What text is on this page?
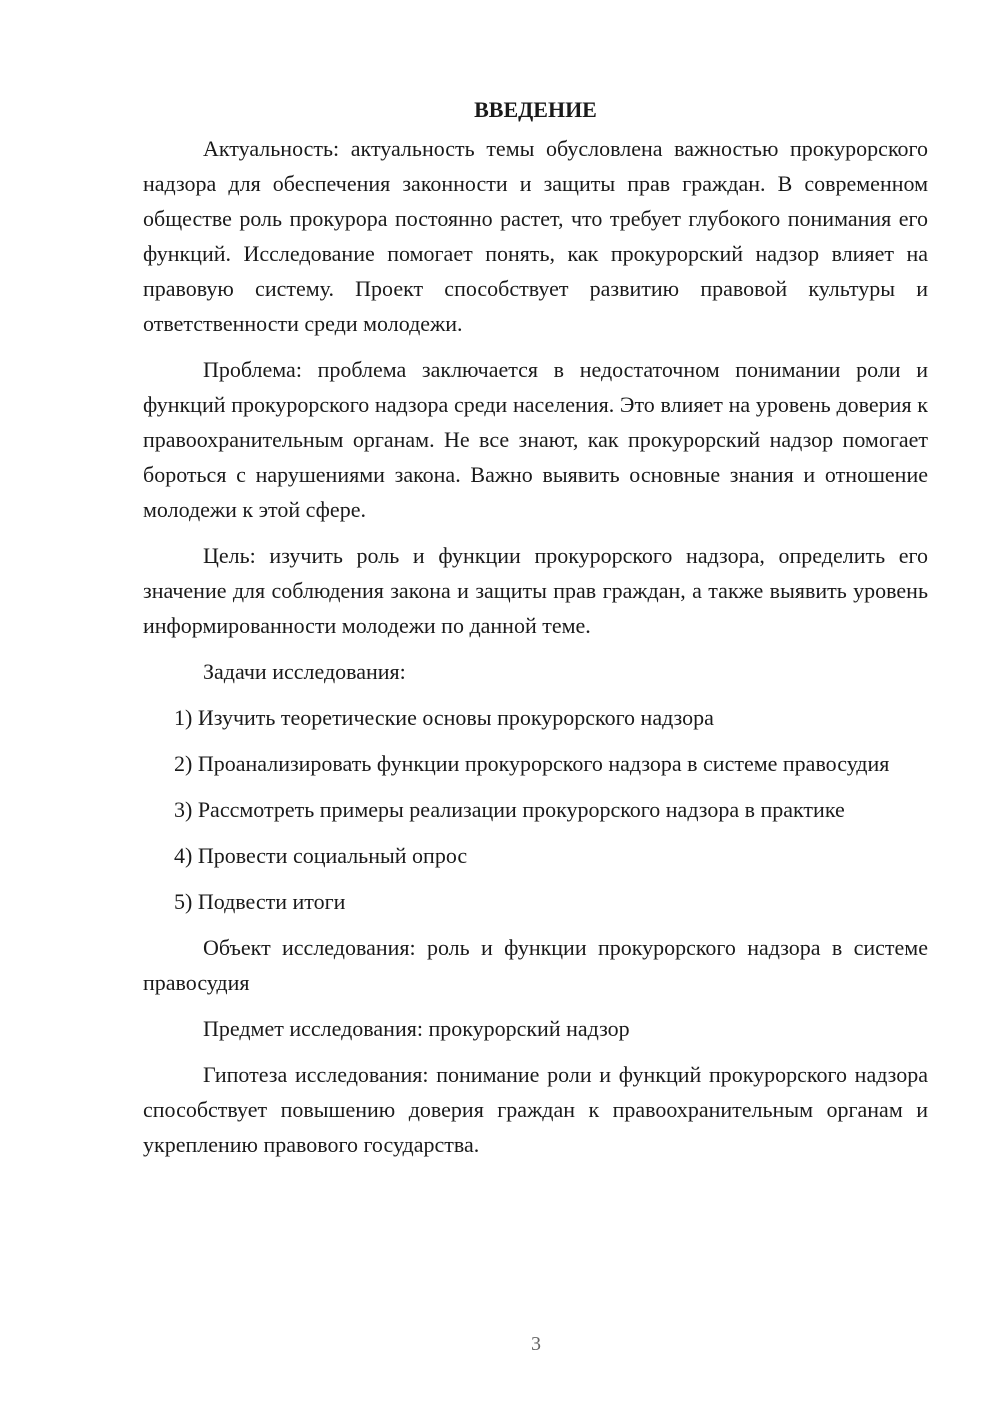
ВВЕДЕНИЕ

Актуальность: актуальность темы обусловлена важностью прокурорского надзора для обеспечения законности и защиты прав граждан. В современном обществе роль прокурора постоянно растет, что требует глубокого понимания его функций. Исследование помогает понять, как прокурорский надзор влияет на правовую систему. Проект способствует развитию правовой культуры и ответственности среди молодежи.

Проблема: проблема заключается в недостаточном понимании роли и функций прокурорского надзора среди населения. Это влияет на уровень доверия к правоохранительным органам. Не все знают, как прокурорский надзор помогает бороться с нарушениями закона. Важно выявить основные знания и отношение молодежи к этой сфере.

Цель: изучить роль и функции прокурорского надзора, определить его значение для соблюдения закона и защиты прав граждан, а также выявить уровень информированности молодежи по данной теме.

Задачи исследования:

1) Изучить теоретические основы прокурорского надзора

2) Проанализировать функции прокурорского надзора в системе правосудия

3) Рассмотреть примеры реализации прокурорского надзора в практике

4) Провести социальный опрос

5) Подвести итоги

Объект исследования: роль и функции прокурорского надзора в системе правосудия

Предмет исследования: прокурорский надзор

Гипотеза исследования: понимание роли и функций прокурорского надзора способствует повышению доверия граждан к правоохранительным органам и укреплению правового государства.

3
